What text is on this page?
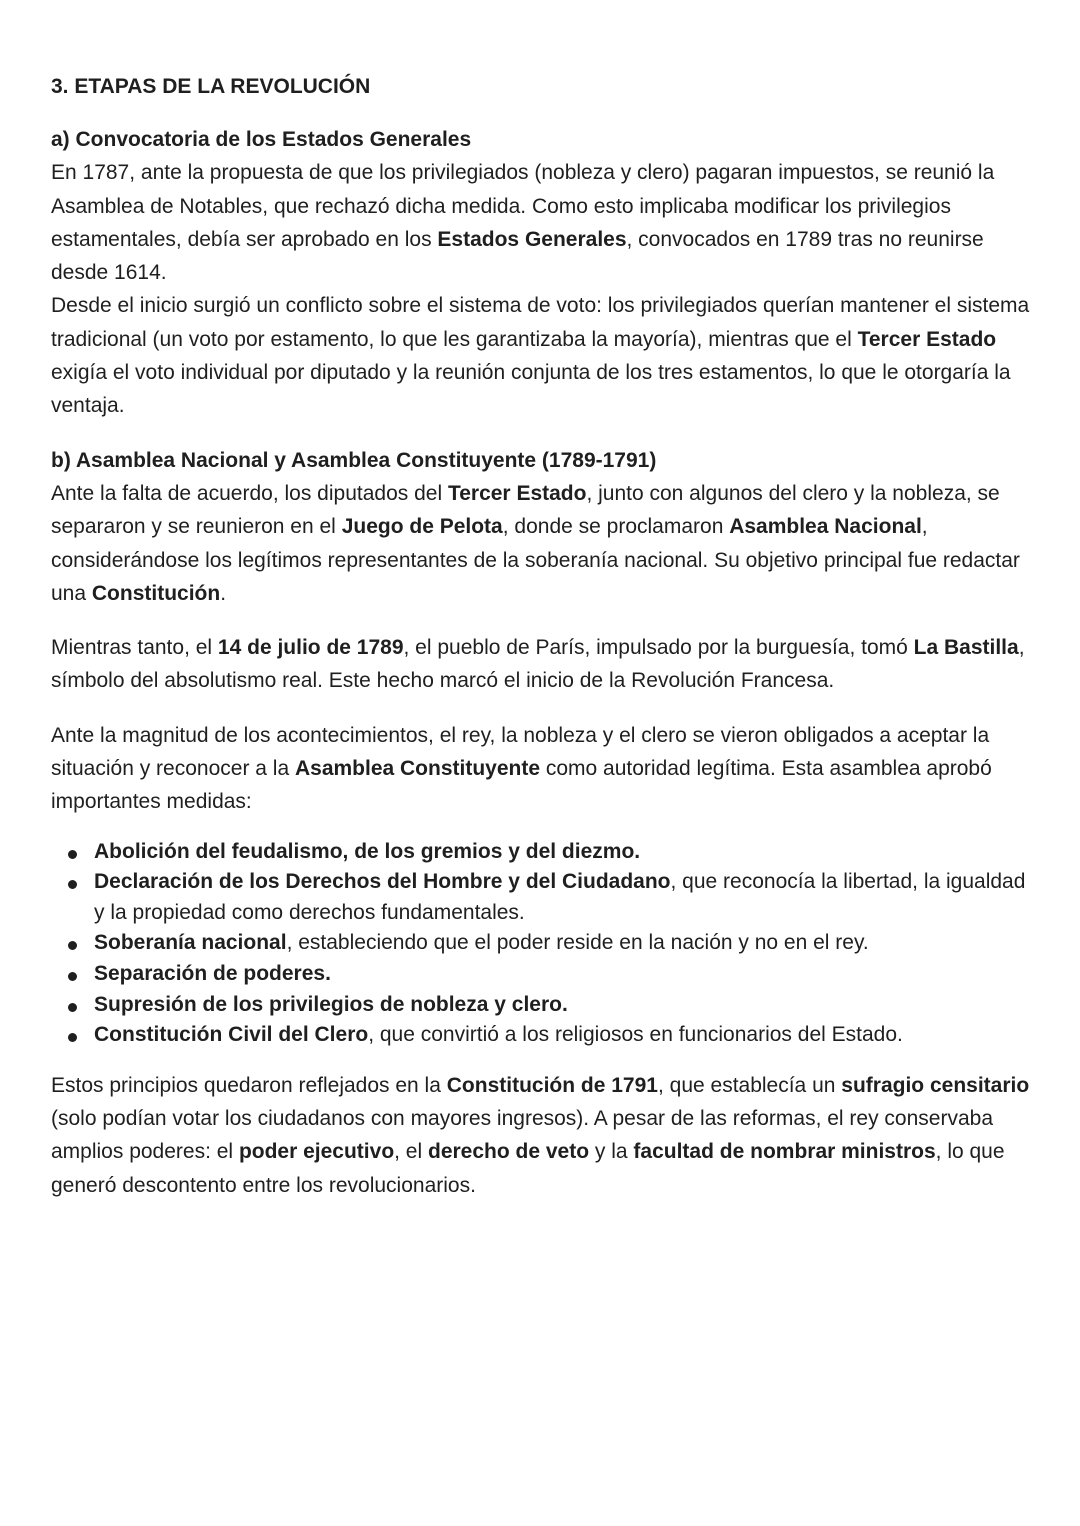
3. ETAPAS DE LA REVOLUCIÓN
a) Convocatoria de los Estados Generales

En 1787, ante la propuesta de que los privilegiados (nobleza y clero) pagaran impuestos, se reunió la Asamblea de Notables, que rechazó dicha medida. Como esto implicaba modificar los privilegios estamentales, debía ser aprobado en los Estados Generales, convocados en 1789 tras no reunirse desde 1614.

Desde el inicio surgió un conflicto sobre el sistema de voto: los privilegiados querían mantener el sistema tradicional (un voto por estamento, lo que les garantizaba la mayoría), mientras que el Tercer Estado exigía el voto individual por diputado y la reunión conjunta de los tres estamentos, lo que le otorgaría la ventaja.

b) Asamblea Nacional y Asamblea Constituyente (1789-1791)

Ante la falta de acuerdo, los diputados del Tercer Estado, junto con algunos del clero y la nobleza, se separaron y se reunieron en el Juego de Pelota, donde se proclamaron Asamblea Nacional, considerándose los legítimos representantes de la soberanía nacional. Su objetivo principal fue redactar una Constitución.

Mientras tanto, el 14 de julio de 1789, el pueblo de París, impulsado por la burguesía, tomó La Bastilla, símbolo del absolutismo real. Este hecho marcó el inicio de la Revolución Francesa.

Ante la magnitud de los acontecimientos, el rey, la nobleza y el clero se vieron obligados a aceptar la situación y reconocer a la Asamblea Constituyente como autoridad legítima. Esta asamblea aprobó importantes medidas:

Abolición del feudalismo, de los gremios y del diezmo.
Declaración de los Derechos del Hombre y del Ciudadano, que reconocía la libertad, la igualdad y la propiedad como derechos fundamentales.
Soberanía nacional, estableciendo que el poder reside en la nación y no en el rey.
Separación de poderes.
Supresión de los privilegios de nobleza y clero.
Constitución Civil del Clero, que convirtió a los religiosos en funcionarios del Estado.

Estos principios quedaron reflejados en la Constitución de 1791, que establecía un sufragio censitario (solo podían votar los ciudadanos con mayores ingresos). A pesar de las reformas, el rey conservaba amplios poderes: el poder ejecutivo, el derecho de veto y la facultad de nombrar ministros, lo que generó descontento entre los revolucionarios.
